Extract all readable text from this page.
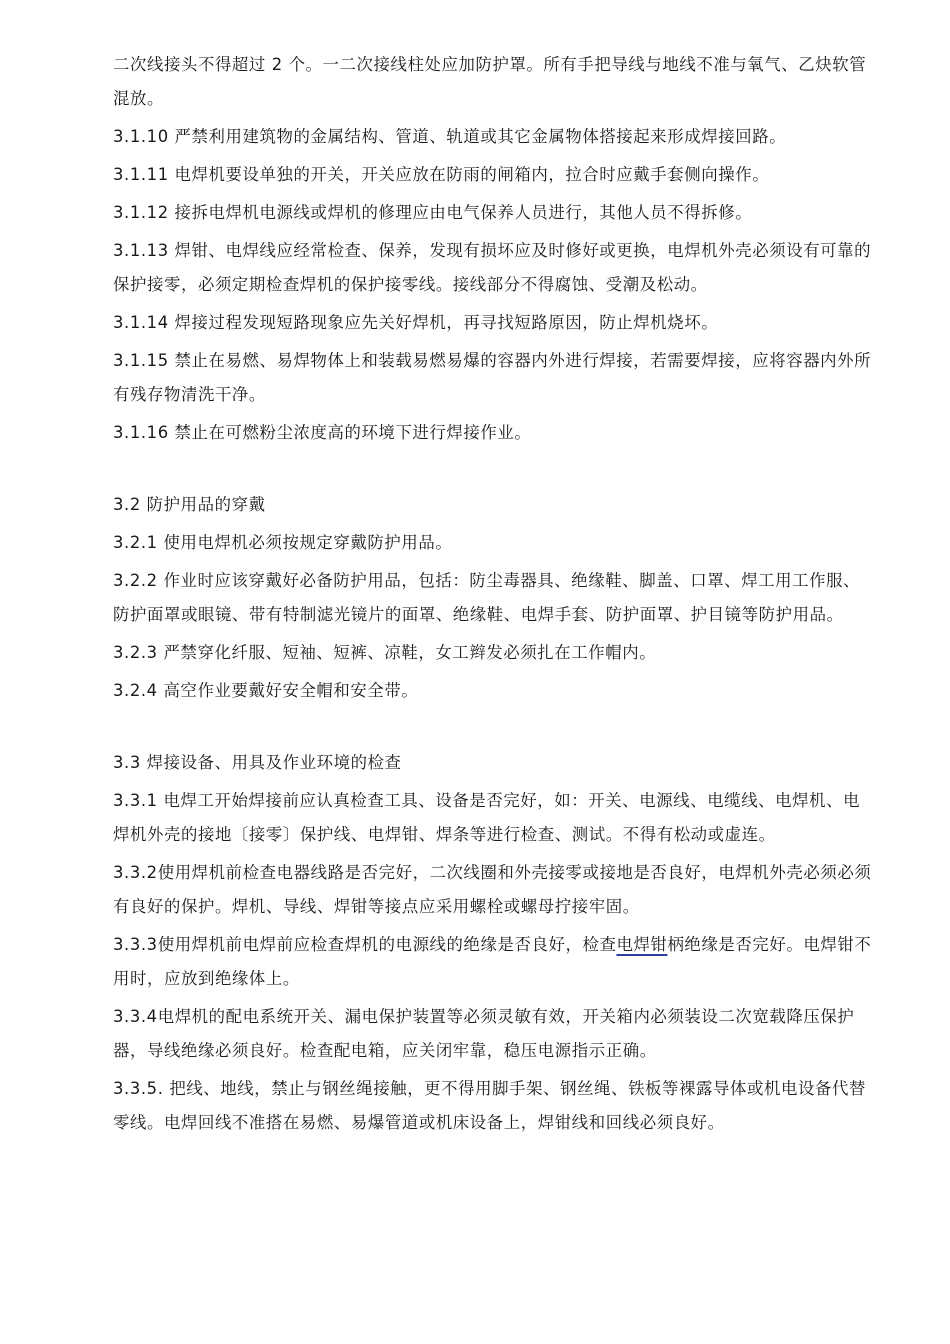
二次线接头不得超过 2 个。一二次接线柱处应加防护罩。所有手把导线与地线不准与氧气、乙炔软管混放。

3.1.10 严禁利用建筑物的金属结构、管道、轨道或其它金属物体搭接起来形成焊接回路。

3.1.11 电焊机要设单独的开关，开关应放在防雨的闸箱内，拉合时应戴手套侧向操作。

3.1.12 接拆电焊机电源线或焊机的修理应由电气保养人员进行，其他人员不得拆修。

3.1.13 焊钳、电焊线应经常检查、保养，发现有损坏应及时修好或更换，电焊机外壳必须设有可靠的保护接零，必须定期检查焊机的保护接零线。接线部分不得腐蚀、受潮及松动。

3.1.14 焊接过程发现短路现象应先关好焊机，再寻找短路原因，防止焊机烧坏。

3.1.15 禁止在易燃、易焊物体上和装载易燃易爆的容器内外进行焊接，若需要焊接，应将容器内外所有残存物清洗干净。

3.1.16 禁止在可燃粉尘浓度高的环境下进行焊接作业。

3.2 防护用品的穿戴

3.2.1 使用电焊机必须按规定穿戴防护用品。

3.2.2 作业时应该穿戴好必备防护用品，包括：防尘毒器具、绝缘鞋、脚盖、口罩、焊工用工作服、防护面罩或眼镜、带有特制滤光镜片的面罩、绝缘鞋、电焊手套、防护面罩、护目镜等防护用品。

3.2.3 严禁穿化纤服、短袖、短裤、凉鞋，女工辫发必须扎在工作帽内。

3.2.4 高空作业要戴好安全帽和安全带。

3.3 焊接设备、用具及作业环境的检查

3.3.1 电焊工开始焊接前应认真检查工具、设备是否完好，如：开关、电源线、电缆线、电焊机、电焊机外壳的接地〔接零〕保护线、电焊钳、焊条等进行检查、测试。不得有松动或虚连。

3.3.2使用焊机前检查电器线路是否完好，二次线圈和外壳接零或接地是否良好，电焊机外壳必须必须有良好的保护。焊机、导线、焊钳等接点应采用螺栓或螺母拧接牢固。

3.3.3使用焊机前电焊前应检查焊机的电源线的绝缘是否良好，检查电焊钳柄绝缘是否完好。电焊钳不用时，应放到绝缘体上。

3.3.4电焊机的配电系统开关、漏电保护装置等必须灵敏有效，开关箱内必须装设二次宽载降压保护器，导线绝缘必须良好。检查配电箱，应关闭牢靠，稳压电源指示正确。

3.3.5. 把线、地线，禁止与钢丝绳接触，更不得用脚手架、钢丝绳、铁板等裸露导体或机电设备代替零线。电焊回线不准搭在易燃、易爆管道或机床设备上，焊钳线和回线必须良好。
